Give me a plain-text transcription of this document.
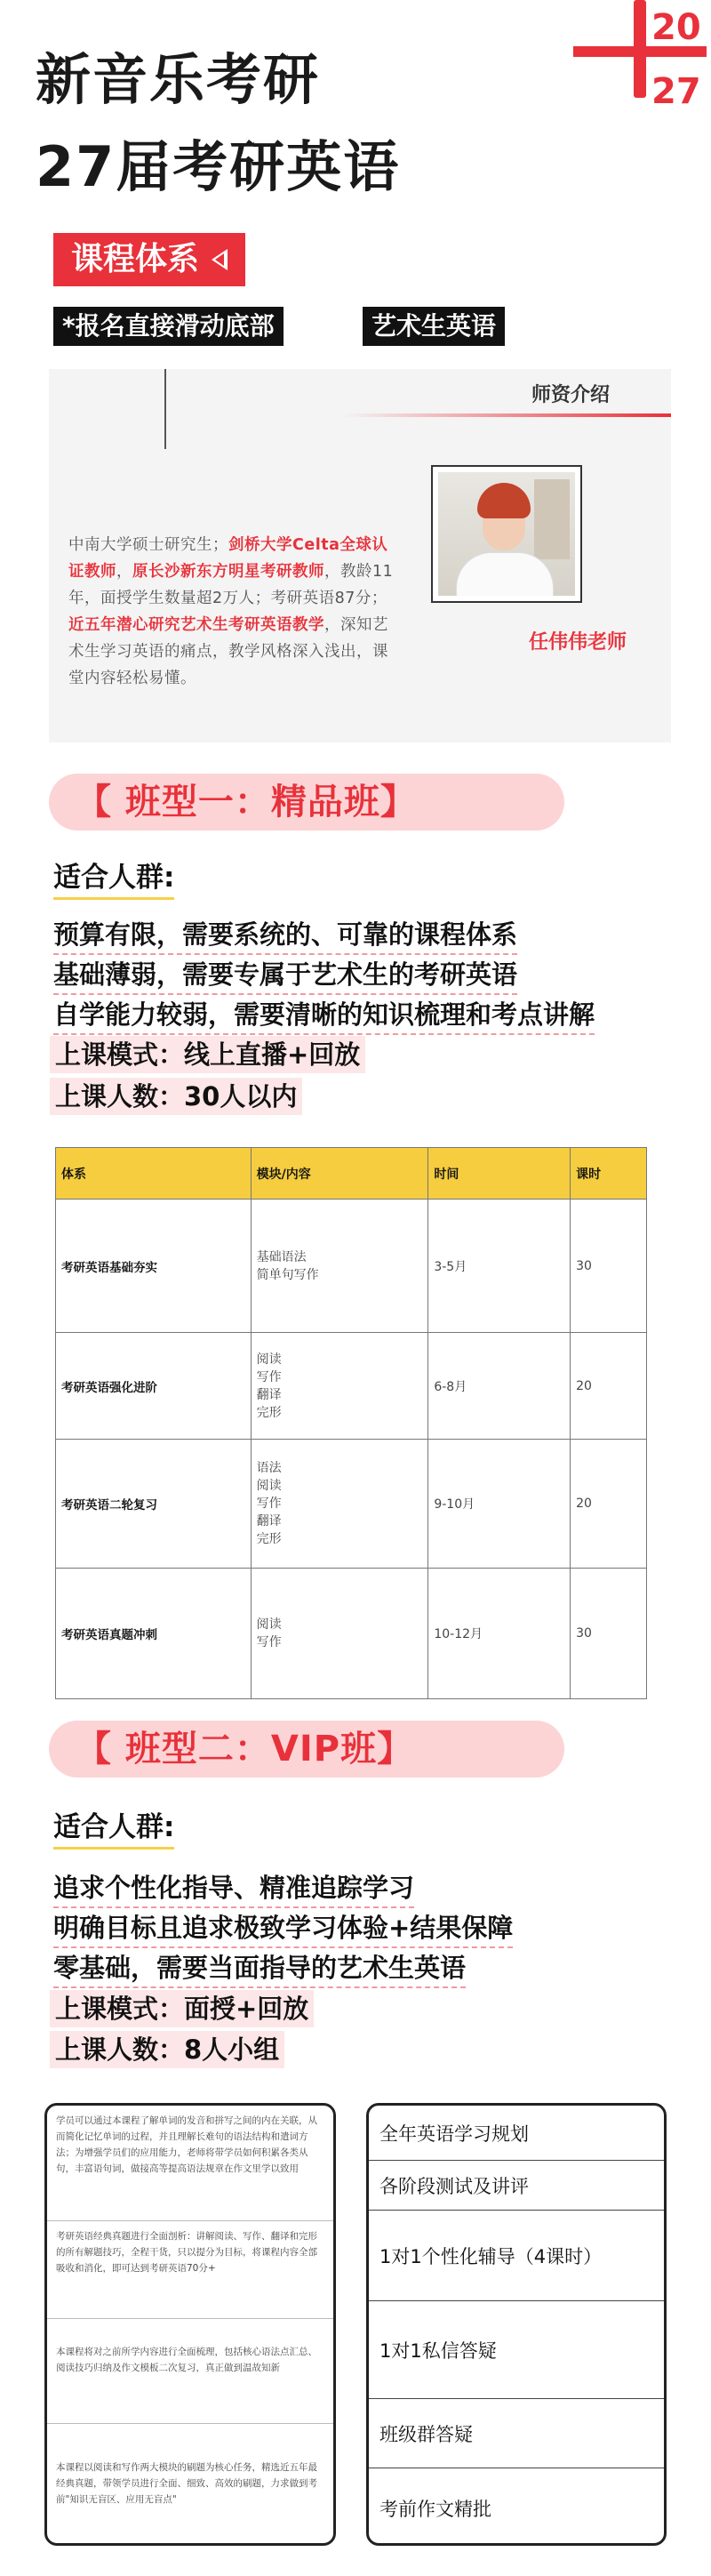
新音乐考研
27届考研英语
20
27
课程体系
*报名直接滑动底部	艺术生英语
师资介绍
中南大学硕士研究生；剑桥大学Celta全球认证教师，原长沙新东方明星考研教师，教龄11年，面授学生数量超2万人；考研英语87分；近五年潜心研究艺术生考研英语教学，深知艺术生学习英语的痛点，教学风格深入浅出，课堂内容轻松易懂。
任伟伟老师
【 班型一：精品班】
适合人群:
预算有限，需要系统的、可靠的课程体系
基础薄弱，需要专属于艺术生的考研英语
自学能力较弱，需要清晰的知识梳理和考点讲解
上课模式：线上直播+回放
上课人数：30人以内
体系	模块/内容	时间	课时
考研英语基础夯实	基础语法
简单句写作	3-5月	30
考研英语强化进阶	阅读
写作
翻译
完形	6-8月	20
考研英语二轮复习	语法
阅读
写作
翻译
完形	9-10月	20
考研英语真题冲刺	阅读
写作	10-12月	30
【 班型二：VIP班】
适合人群:
追求个性化指导、精准追踪学习
明确目标且追求极致学习体验+结果保障
零基础，需要当面指导的艺术生英语
上课模式：面授+回放
上课人数：8人小组
学员可以通过本课程了解单词的发音和拼写之间的内在关联，从而简化记忆单词的过程，并且理解长难句的语法结构和遣词方法；为增强学员们的应用能力，老师将带学员如何积累各类从句，丰富语句词，做接高等提高语法规章在作文里学以致用
考研英语经典真题进行全面剖析：讲解阅读、写作、翻译和完形的所有解题技巧，全程干货，只以提分为目标，将课程内容全部吸收和消化，即可达到考研英语70分+
本课程将对之前所学内容进行全面梳理，包括核心语法点汇总、阅读技巧归纳及作文模板二次复习，真正做到温故知新
本课程以阅读和写作两大模块的刷题为核心任务，精选近五年最经典真题，带领学员进行全面、细致、高效的刷题，力求做到考前"知识无盲区、应用无盲点"
全年英语学习规划
各阶段测试及讲评
1对1个性化辅导（4课时）
1对1私信答疑
班级群答疑
考前作文精批
